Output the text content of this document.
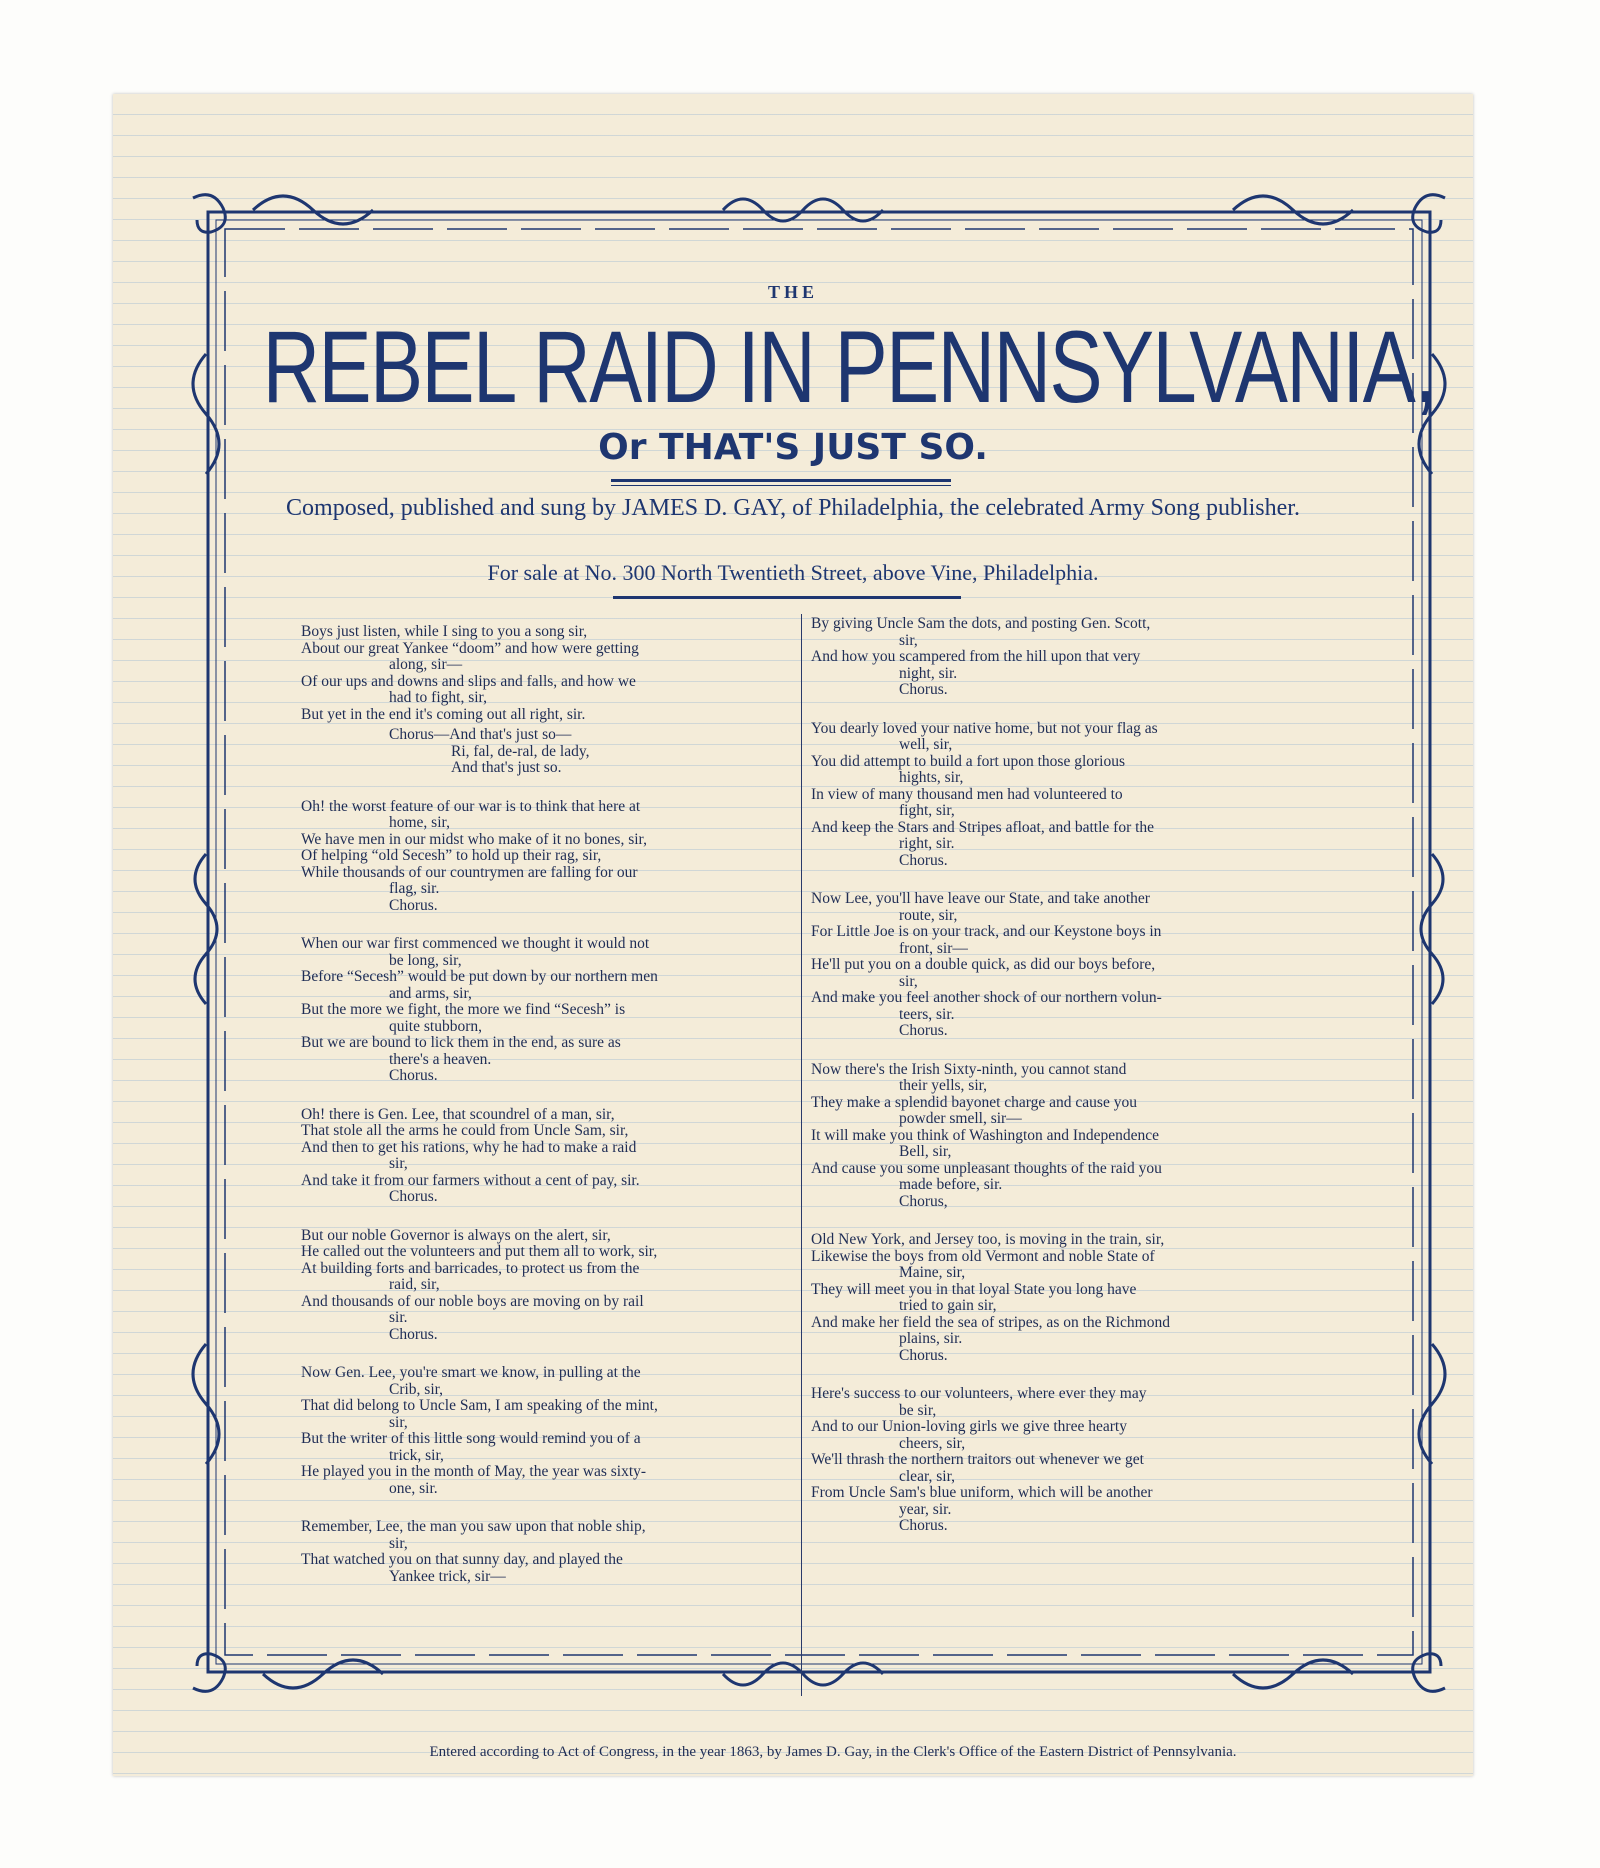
THE
REBEL RAID IN PENNSYLVANIA,
Or THAT'S JUST SO.
Composed, published and sung by JAMES D. GAY, of Philadelphia, the celebrated Army Song publisher.
For sale at No. 300 North Twentieth Street, above Vine, Philadelphia.
Boys just listen, while I sing to you a song sir,
About our great Yankee “doom” and how were getting
along, sir—
Of our ups and downs and slips and falls, and how we
had to fight, sir,
But yet in the end it's coming out all right, sir.
Chorus—And that's just so—
Ri, fal, de-ral, de lady,
And that's just so.
Oh! the worst feature of our war is to think that here at
home, sir,
We have men in our midst who make of it no bones, sir,
Of helping “old Secesh” to hold up their rag, sir,
While thousands of our countrymen are falling for our
flag, sir.
Chorus.
When our war first commenced we thought it would not
be long, sir,
Before “Secesh” would be put down by our northern men
and arms, sir,
But the more we fight, the more we find “Secesh” is
quite stubborn,
But we are bound to lick them in the end, as sure as
there's a heaven.
Chorus.
Oh! there is Gen. Lee, that scoundrel of a man, sir,
That stole all the arms he could from Uncle Sam, sir,
And then to get his rations, why he had to make a raid
sir,
And take it from our farmers without a cent of pay, sir.
Chorus.
But our noble Governor is always on the alert, sir,
He called out the volunteers and put them all to work, sir,
At building forts and barricades, to protect us from the
raid, sir,
And thousands of our noble boys are moving on by rail
sir.
Chorus.
Now Gen. Lee, you're smart we know, in pulling at the
Crib, sir,
That did belong to Uncle Sam, I am speaking of the mint,
sir,
But the writer of this little song would remind you of a
trick, sir,
He played you in the month of May, the year was sixty-
one, sir.
Remember, Lee, the man you saw upon that noble ship,
sir,
That watched you on that sunny day, and played the
Yankee trick, sir—
By giving Uncle Sam the dots, and posting Gen. Scott,
sir,
And how you scampered from the hill upon that very
night, sir.
Chorus.
You dearly loved your native home, but not your flag as
well, sir,
You did attempt to build a fort upon those glorious
hights, sir,
In view of many thousand men had volunteered to
fight, sir,
And keep the Stars and Stripes afloat, and battle for the
right, sir.
Chorus.
Now Lee, you'll have leave our State, and take another
route, sir,
For Little Joe is on your track, and our Keystone boys in
front, sir—
He'll put you on a double quick, as did our boys before,
sir,
And make you feel another shock of our northern volun-
teers, sir.
Chorus.
Now there's the Irish Sixty-ninth, you cannot stand
their yells, sir,
They make a splendid bayonet charge and cause you
powder smell, sir—
It will make you think of Washington and Independence
Bell, sir,
And cause you some unpleasant thoughts of the raid you
made before, sir.
Chorus,
Old New York, and Jersey too, is moving in the train, sir,
Likewise the boys from old Vermont and noble State of
Maine, sir,
They will meet you in that loyal State you long have
tried to gain sir,
And make her field the sea of stripes, as on the Richmond
plains, sir.
Chorus.
Here's success to our volunteers, where ever they may
be sir,
And to our Union-loving girls we give three hearty
cheers, sir,
We'll thrash the northern traitors out whenever we get
clear, sir,
From Uncle Sam's blue uniform, which will be another
year, sir.
Chorus.
Entered according to Act of Congress, in the year 1863, by James D. Gay, in the Clerk's Office of the Eastern District of Pennsylvania.
